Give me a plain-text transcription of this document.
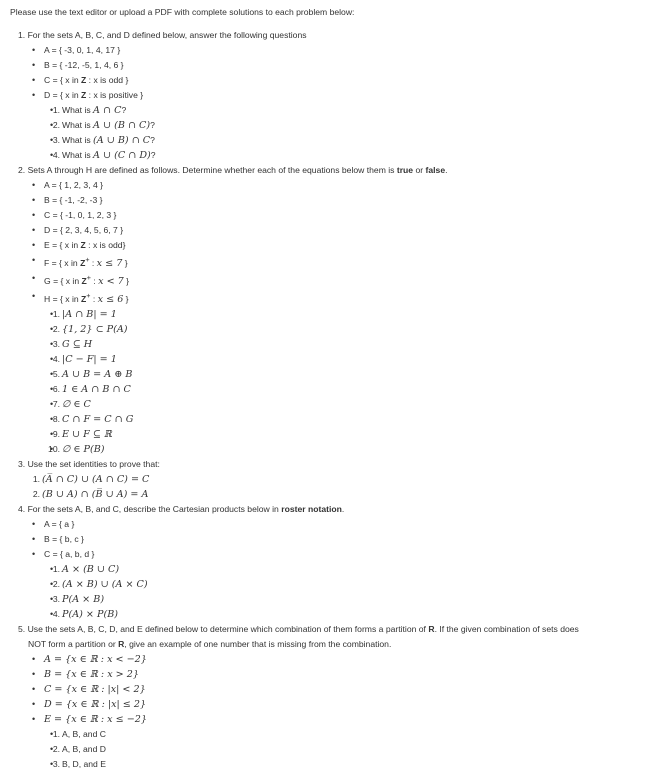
Please use the text editor or upload a PDF with complete solutions to each problem below:
1. For the sets A, B, C, and D defined below, answer the following questions
• A = { -3, 0, 1, 4, 17 }
• B = { -12, -5, 1, 4, 6 }
• C = { x in Z : x is odd }
• D = { x in Z : x is positive }
• 1. What is A ∩ C?
• 2. What is A ∪ (B ∩ C)?
• 3. What is (A ∪ B) ∩ C?
• 4. What is A ∪ (C ∩ D)?
2. Sets A through H are defined as follows. Determine whether each of the equations below them is true or false.
• A = { 1, 2, 3, 4 }
• B = { -1, -2, -3 }
• C = { -1, 0, 1, 2, 3 }
• D = { 2, 3, 4, 5, 6, 7 }
• E = { x in Z : x is odd}
• F = { x in Z+ : x ≤ 7 }
• G = { x in Z+ : x < 7 }
• H = { x in Z+ : x ≤ 6 }
• 1. |A ∩ B| = 1
• 2. {1, 2} ⊂ P(A)
• 3. G ⊆ H
• 4. |C − F| = 1
• 5. A ∪ B = A ⊕ B
• 6. 1 ∈ A ∩ B ∩ C
• 7. ∅ ∈ C
• 8. C ∩ F = C ∩ G
• 9. E ∪ F ⊆ ℝ
• 10. ∅ ∈ P(B)
3. Use the set identities to prove that:
1. (A̅ ∩ C) ∪ (A ∩ C) = C
2. (B ∪ A) ∩ (B̅ ∪ A) = A
4. For the sets A, B, and C, describe the Cartesian products below in roster notation.
• A = { a }
• B = { b, c }
• C = { a, b, d }
• 1. A × (B ∪ C)
• 2. (A × B) ∪ (A × C)
• 3. P(A × B)
• 4. P(A) × P(B)
5. Use the sets A, B, C, D, and E defined below to determine which combination of them forms a partition of R. If the given combination of sets does
NOT form a partition or R, give an example of one number that is missing from the combination.
• A = {x ∈ ℝ : x < −2}
• B = {x ∈ ℝ : x > 2}
• C = {x ∈ ℝ : |x| < 2}
• D = {x ∈ ℝ : |x| ≤ 2}
• E = {x ∈ ℝ : x ≤ −2}
• 1. A, B, and C
• 2. A, B, and D
• 3. B, D, and E
